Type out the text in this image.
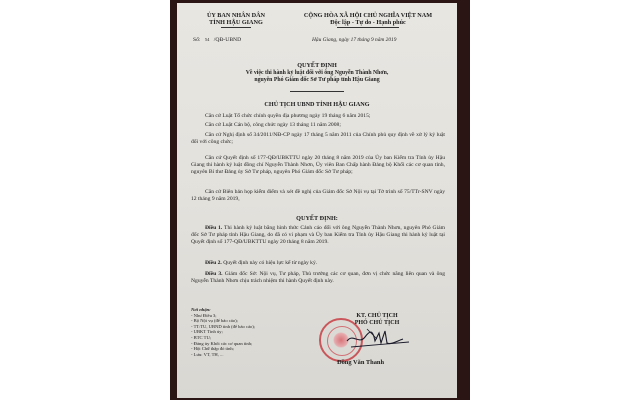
ỦY BAN NHÂN DÂN
TỈNH HẬU GIANG
Số: 54 /QĐ-UBND
CỘNG HÒA XÃ HỘI CHỦ NGHĨA VIỆT NAM
Độc lập - Tự do - Hạnh phúc
Hậu Giang, ngày 17 tháng 9 năm 2019
QUYẾT ĐỊNH
Về việc thi hành kỷ luật đối với ông Nguyễn Thành Nhơn,
nguyên Phó Giám đốc Sở Tư pháp tỉnh Hậu Giang
CHỦ TỊCH UBND TỈNH HẬU GIANG
Căn cứ Luật Tổ chức chính quyền địa phương ngày 19 tháng 6 năm 2015;
Căn cứ Luật Cán bộ, công chức ngày 13 tháng 11 năm 2008;
Căn cứ Nghị định số 34/2011/NĐ-CP ngày 17 tháng 5 năm 2011 của Chính phủ quy định về xử lý kỷ luật đối với công chức;
Căn cứ Quyết định số 177-QĐ/UBKTTU ngày 20 tháng 8 năm 2019 của Ủy ban Kiểm tra Tỉnh ủy Hậu Giang thi hành kỷ luật đồng chí Nguyễn Thành Nhơn, Ủy viên Ban Chấp hành Đảng bộ Khối các cơ quan tỉnh, nguyên Bí thư Đảng ủy Sở Tư pháp, nguyên Phó Giám đốc Sở Tư pháp;
Căn cứ Biên bản họp kiểm điểm và xét đề nghị của Giám đốc Sở Nội vụ tại Tờ trình số 75/TTr-SNV ngày 12 tháng 9 năm 2019,
QUYẾT ĐỊNH:
Điều 1. Thi hành kỷ luật bằng hình thức Cảnh cáo đối với ông Nguyễn Thành Nhơn, nguyên Phó Giám đốc Sở Tư pháp tỉnh Hậu Giang, do đã có vi phạm và Ủy ban Kiểm tra Tỉnh ủy Hậu Giang thi hành kỷ luật tại Quyết định số 177-QĐ/UBKTTU ngày 20 tháng 8 năm 2019.
Điều 2. Quyết định này có hiệu lực kể từ ngày ký.
Điều 3. Giám đốc Sở: Nội vụ, Tư pháp, Thủ trưởng các cơ quan, đơn vị chức năng liên quan và ông Nguyễn Thành Nhơn chịu trách nhiệm thi hành Quyết định này.
Nơi nhận:
- Như Điều 3;
- Bộ Nội vụ (để báo cáo);
- TT:TU, UBND tỉnh (để báo cáo);
- UBKT Tỉnh ủy;
- BTC TU;
- Đảng ủy Khối các cơ quan tỉnh;
- Hội Chữ thập đỏ tỉnh;
- Lưu: VT, TH, ...
KT. CHỦ TỊCH
PHÓ CHỦ TỊCH
Đồng Văn Thanh
